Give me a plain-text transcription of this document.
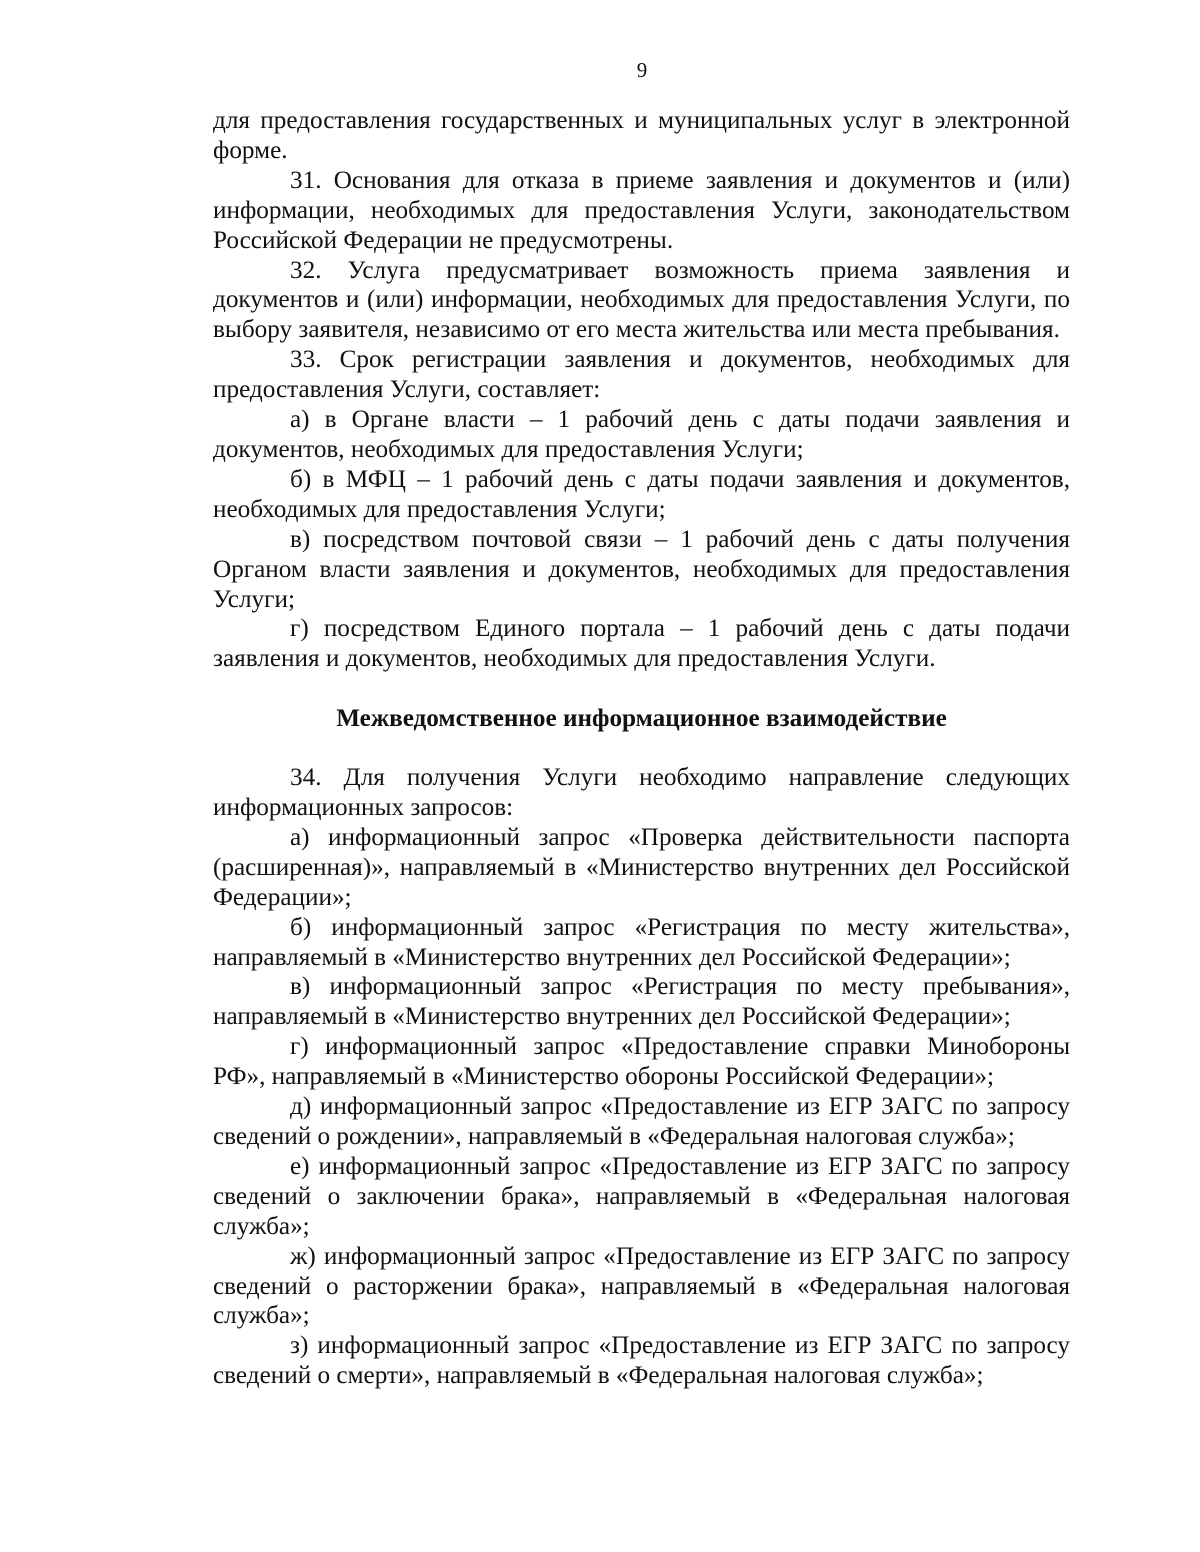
9

для предоставления государственных и муниципальных услуг в электронной форме.

31. Основания для отказа в приеме заявления и документов и (или) информации, необходимых для предоставления Услуги, законодательством Российской Федерации не предусмотрены.

32. Услуга предусматривает возможность приема заявления и документов и (или) информации, необходимых для предоставления Услуги, по выбору заявителя, независимо от его места жительства или места пребывания.

33. Срок регистрации заявления и документов, необходимых для предоставления Услуги, составляет:

а) в Органе власти – 1 рабочий день с даты подачи заявления и документов, необходимых для предоставления Услуги;

б) в МФЦ – 1 рабочий день с даты подачи заявления и документов, необходимых для предоставления Услуги;

в) посредством почтовой связи – 1 рабочий день с даты получения Органом власти заявления и документов, необходимых для предоставления Услуги;

г) посредством Единого портала – 1 рабочий день с даты подачи заявления и документов, необходимых для предоставления Услуги.

Межведомственное информационное взаимодействие

34. Для получения Услуги необходимо направление следующих информационных запросов:

а) информационный запрос «Проверка действительности паспорта (расширенная)», направляемый в «Министерство внутренних дел Российской Федерации»;

б) информационный запрос «Регистрация по месту жительства», направляемый в «Министерство внутренних дел Российской Федерации»;

в) информационный запрос «Регистрация по месту пребывания», направляемый в «Министерство внутренних дел Российской Федерации»;

г) информационный запрос «Предоставление справки Минобороны РФ», направляемый в «Министерство обороны Российской Федерации»;

д) информационный запрос «Предоставление из ЕГР ЗАГС по запросу сведений о рождении», направляемый в «Федеральная налоговая служба»;

е) информационный запрос «Предоставление из ЕГР ЗАГС по запросу сведений о заключении брака», направляемый в «Федеральная налоговая служба»;

ж) информационный запрос «Предоставление из ЕГР ЗАГС по запросу сведений о расторжении брака», направляемый в «Федеральная налоговая служба»;

з) информационный запрос «Предоставление из ЕГР ЗАГС по запросу сведений о смерти», направляемый в «Федеральная налоговая служба»;
